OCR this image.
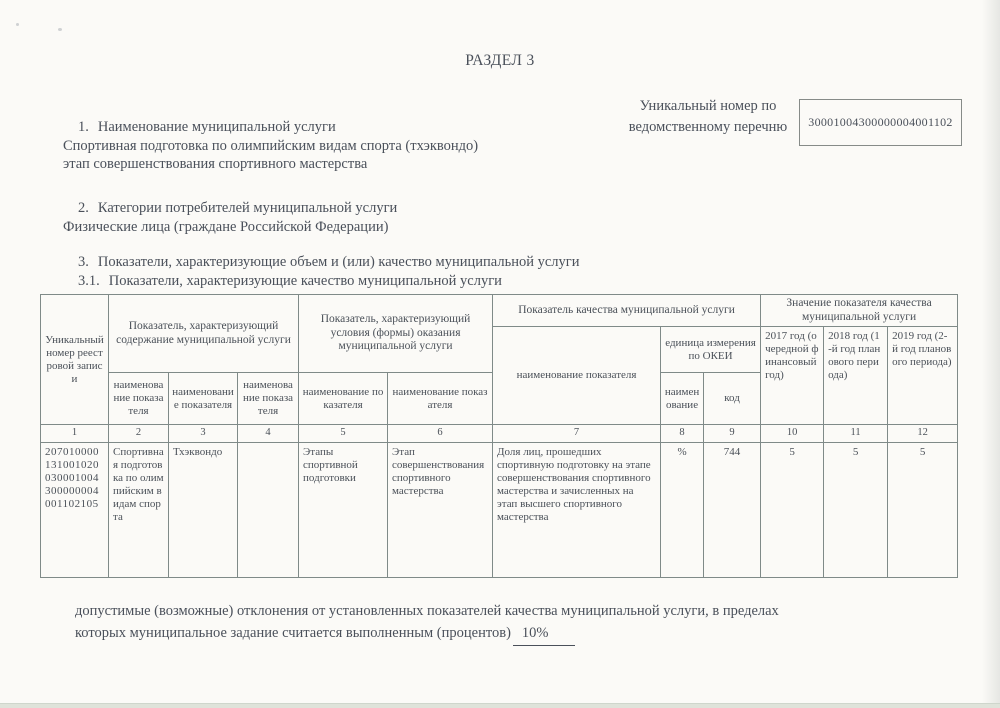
РАЗДЕЛ 3
Уникальный номер по ведомственному перечню	30001004300000004001102
1. Наименование муниципальной услуги
Спортивная подготовка по олимпийским видам спорта (тхэквондо)
этап совершенствования спортивного мастерства
2. Категории потребителей муниципальной услуги
Физические лица (граждане Российской Федерации)
3. Показатели, характеризующие объем и (или) качество муниципальной услуги
3.1. Показатели, характеризующие качество муниципальной услуги
Уникальный номер реестровой записи	Показатель, характеризующий содержание муниципальной услуги			Показатель, характеризующий условия (формы) оказания муниципальной услуги		Показатель качества муниципальной услуги			Значение показателя качества муниципальной услуги		
						наименование показателя	единица измерения по ОКЕИ		2017 год (очередной финансовый год)	2018 год (1-й год планового периода)	2019 год (2-й год планового периода)
	наименование показателя	наименование показателя	наименование показателя	наименование показателя	наименование показателя		наименование	код			
1	2	3	4	5	6	7	8	9	10	11	12
207010000131001020030001004300000004001102105	Спортивная подготовка по олимпийским видам спорта	Тхэквондо		Этапы спортивной подготовки	Этап совершенствования спортивного мастерства	Доля лиц, прошедших спортивную подготовку на этапе совершенствования спортивного мастерства и зачисленных на этап высшего спортивного мастерства	%	744	5	5	5
допустимые (возможные) отклонения от установленных показателей качества муниципальной услуги, в пределах
которых муниципальное задание считается выполненным (процентов) 10%
